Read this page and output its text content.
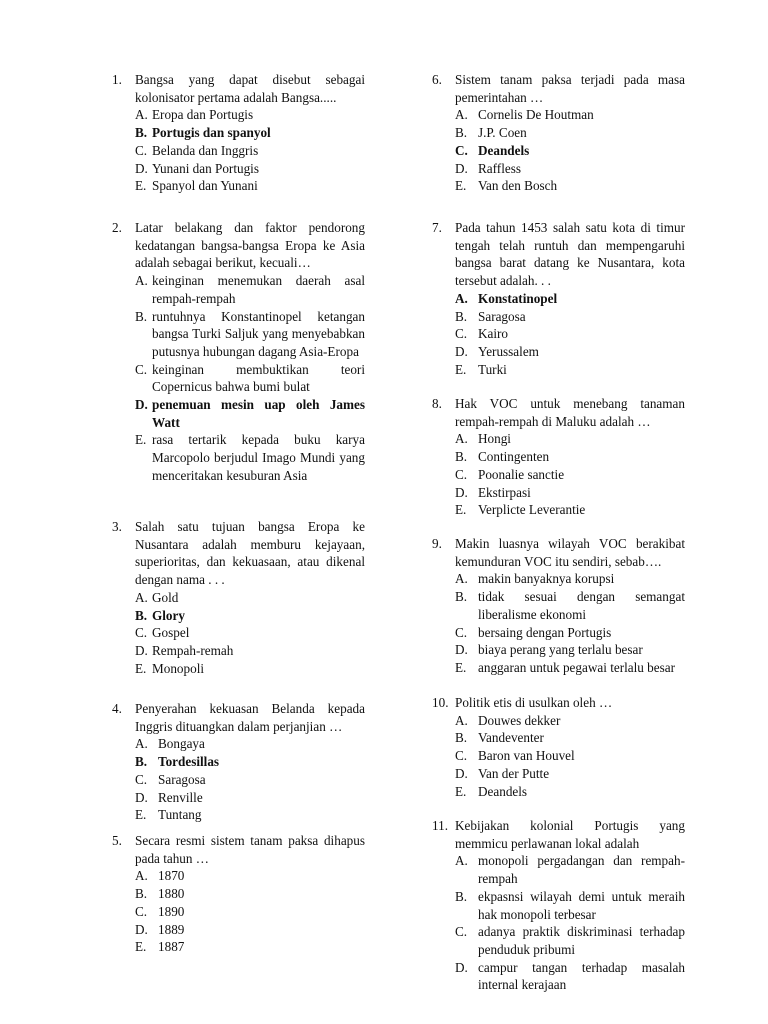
1. Bangsa yang dapat disebut sebagai kolonisator pertama adalah Bangsa.....
A. Eropa dan Portugis
B. Portugis dan spanyol
C. Belanda dan Inggris
D. Yunani dan Portugis
E. Spanyol dan Yunani
2. Latar belakang dan faktor pendorong kedatangan bangsa-bangsa Eropa ke Asia adalah sebagai berikut, kecuali…
A. keinginan menemukan daerah asal rempah-rempah
B. runtuhnya Konstantinopel ketangan bangsa Turki Saljuk yang menyebabkan putusnya hubungan dagang Asia-Eropa
C. keinginan membuktikan teori Copernicus bahwa bumi bulat
D. penemuan mesin uap oleh James Watt
E. rasa tertarik kepada buku karya Marcopolo berjudul Imago Mundi yang menceritakan kesuburan Asia
3. Salah satu tujuan bangsa Eropa ke Nusantara adalah memburu kejayaan, superioritas, dan kekuasaan, atau dikenal dengan nama . . .
A. Gold
B. Glory
C. Gospel
D. Rempah-remah
E. Monopoli
4. Penyerahan kekuasan Belanda kepada Inggris dituangkan dalam perjanjian …
A. Bongaya
B. Tordesillas
C. Saragosa
D. Renville
E. Tuntang
5. Secara resmi sistem tanam paksa dihapus pada tahun …
A. 1870
B. 1880
C. 1890
D. 1889
E. 1887
6. Sistem tanam paksa terjadi pada masa pemerintahan …
A. Cornelis De Houtman
B. J.P. Coen
C. Deandels
D. Raffless
E. Van den Bosch
7. Pada tahun 1453 salah satu kota di timur tengah telah runtuh dan mempengaruhi bangsa barat datang ke Nusantara, kota tersebut adalah. . .
A. Konstatinopel
B. Saragosa
C. Kairo
D. Yerussalem
E. Turki
8. Hak VOC untuk menebang tanaman rempah-rempah di Maluku adalah …
A. Hongi
B. Contingenten
C. Poonalie sanctie
D. Ekstirpasi
E. Verplicte Leverantie
9. Makin luasnya wilayah VOC berakibat kemunduran VOC itu sendiri, sebab….
A. makin banyaknya korupsi
B. tidak sesuai dengan semangat liberalisme ekonomi
C. bersaing dengan Portugis
D. biaya perang yang terlalu besar
E. anggaran untuk pegawai terlalu besar
10. Politik etis di usulkan oleh …
A. Douwes dekker
B. Vandeventer
C. Baron van Houvel
D. Van der Putte
E. Deandels
11. Kebijakan kolonial Portugis yang memmicu perlawanan lokal adalah
A. monopoli pergadangan dan rempah-rempah
B. ekpasnsi wilayah demi untuk meraih hak monopoli terbesar
C. adanya praktik diskriminasi terhadap penduduk pribumi
D. campur tangan terhadap masalah internal kerajaan
